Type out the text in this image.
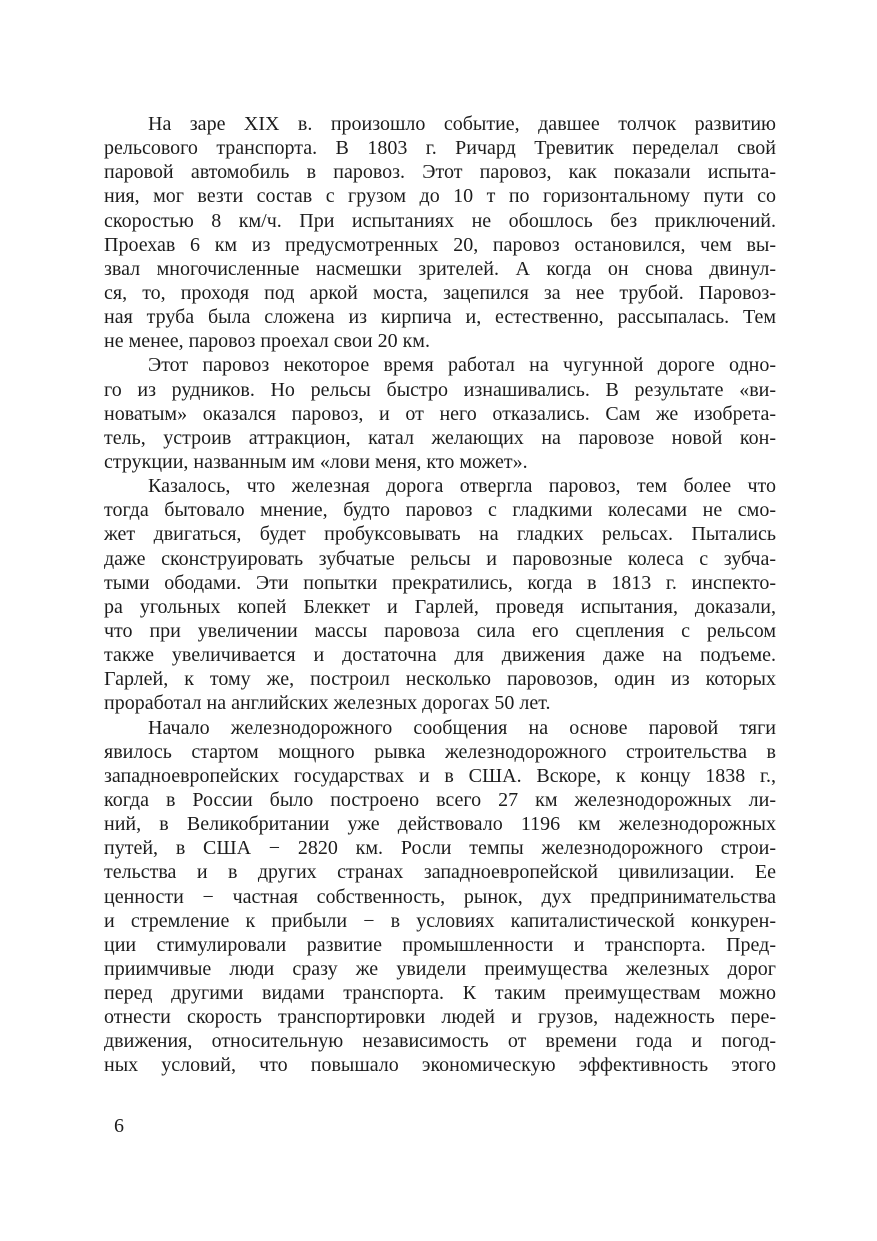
На заре XIX в. произошло событие, давшее толчок развитию
рельсового транспорта. В 1803 г. Ричард Тревитик переделал свой
паровой автомобиль в паровоз. Этот паровоз, как показали испыта-
ния, мог везти состав с грузом до 10 т по горизонтальному пути со
скоростью 8 км/ч. При испытаниях не обошлось без приключений.
Проехав 6 км из предусмотренных 20, паровоз остановился, чем вы-
звал многочисленные насмешки зрителей. А когда он снова двинул-
ся, то, проходя под аркой моста, зацепился за нее трубой. Паровоз-
ная труба была сложена из кирпича и, естественно, рассыпалась. Тем
не менее, паровоз проехал свои 20 км.
Этот паровоз некоторое время работал на чугунной дороге одно-
го из рудников. Но рельсы быстро изнашивались. В результате «ви-
новатым» оказался паровоз, и от него отказались. Сам же изобрета-
тель, устроив аттракцион, катал желающих на паровозе новой кон-
струкции, названным им «лови меня, кто может».
Казалось, что железная дорога отвергла паровоз, тем более что
тогда бытовало мнение, будто паровоз с гладкими колесами не смо-
жет двигаться, будет пробуксовывать на гладких рельсах. Пытались
даже сконструировать зубчатые рельсы и паровозные колеса с зубча-
тыми ободами. Эти попытки прекратились, когда в 1813 г. инспекто-
ра угольных копей Блеккет и Гарлей, проведя испытания, доказали,
что при увеличении массы паровоза сила его сцепления с рельсом
также увеличивается и достаточна для движения даже на подъеме.
Гарлей, к тому же, построил несколько паровозов, один из которых
проработал на английских железных дорогах 50 лет.
Начало железнодорожного сообщения на основе паровой тяги
явилось стартом мощного рывка железнодорожного строительства в
западноевропейских государствах и в США. Вскоре, к концу 1838 г.,
когда в России было построено всего 27 км железнодорожных ли-
ний, в Великобритании уже действовало 1196 км железнодорожных
путей, в США − 2820 км. Росли темпы железнодорожного строи-
тельства и в других странах западноевропейской цивилизации. Ее
ценности − частная собственность, рынок, дух предпринимательства
и стремление к прибыли − в условиях капиталистической конкурен-
ции стимулировали развитие промышленности и транспорта. Пред-
приимчивые люди сразу же увидели преимущества железных дорог
перед другими видами транспорта. К таким преимуществам можно
отнести скорость транспортировки людей и грузов, надежность пере-
движения, относительную независимость от времени года и погод-
ных условий, что повышало экономическую эффективность этого
6
